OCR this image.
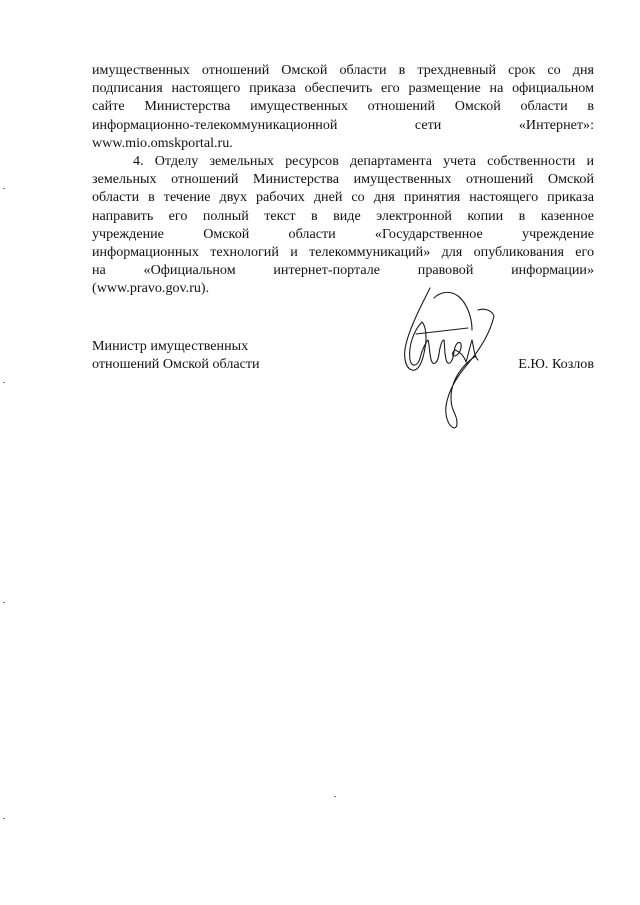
имущественных отношений Омской области в трехдневный срок со дня
подписания настоящего приказа обеспечить его размещение на официальном
сайте Министерства имущественных отношений Омской области в
информационно-телекоммуникационной сети «Интернет»:
www.mio.omskportal.ru.

4. Отделу земельных ресурсов департамента учета собственности и
земельных отношений Министерства имущественных отношений Омской
области в течение двух рабочих дней со дня принятия настоящего приказа
направить его полный текст в виде электронной копии в казенное
учреждение Омской области «Государственное учреждение
информационных технологий и телекоммуникаций» для опубликования его
на «Официальном интернет-портале правовой информации»
(www.pravo.gov.ru).

Министр имущественных
отношений Омской области	Е.Ю. Козлов
